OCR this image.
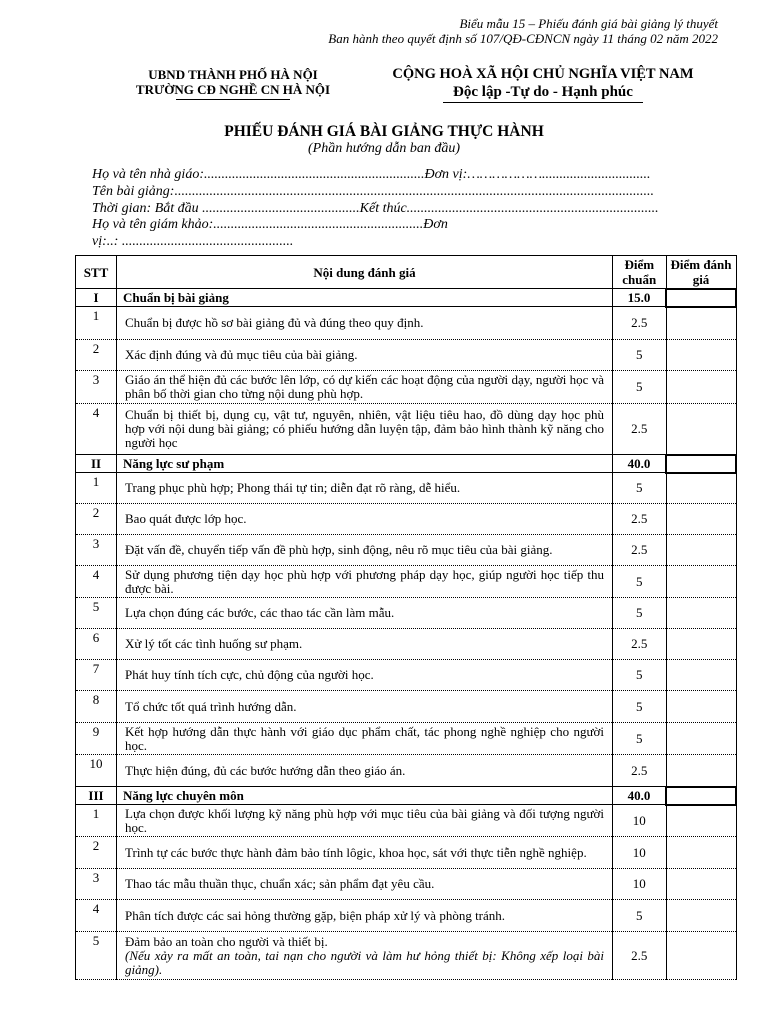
Biểu mẫu 15 – Phiếu đánh giá bài giảng lý thuyết
Ban hành theo quyết định số 107/QĐ-CĐNCN ngày 11 tháng 02 năm 2022
UBND THÀNH PHỐ HÀ NỘI
TRƯỜNG CĐ NGHỀ CN HÀ NỘI
CỘNG HOÀ XÃ HỘI CHỦ NGHĨA VIỆT NAM
Độc lập -Tự do - Hạnh phúc
PHIẾU ĐÁNH GIÁ BÀI GIẢNG THỰC HÀNH
(Phần hướng dẫn ban đầu)
Họ và tên nhà giáo:...............................................................Đơn vị:………………...............................
Tên bài giảng:.........................................................................................................................................
Thời gian: Bắt đầu .............................................Kết thúc........................................................................
Họ và tên giám khảo:............................................................Đơn
vị:..: .................................................
STT	Nội dung đánh giá	Điểm chuẩn	Điểm đánh giá
I	Chuẩn bị bài giảng	15.0	
1	Chuẩn bị được hồ sơ bài giảng đủ và đúng theo quy định.	2.5	
2	Xác định đúng và đủ mục tiêu của bài giảng.	5	
3	Giáo án thể hiện đủ các bước lên lớp, có dự kiến các hoạt động của người dạy, người học và phân bố thời gian cho từng nội dung phù hợp.	5	
4	Chuẩn bị thiết bị, dụng cụ, vật tư, nguyên, nhiên, vật liệu tiêu hao, đồ dùng dạy học phù hợp với nội dung bài giảng; có phiếu hướng dẫn luyện tập, đảm bảo hình thành kỹ năng cho người học	2.5	
II	Năng lực sư phạm	40.0	
1	Trang phục phù hợp; Phong thái tự tin; diễn đạt rõ ràng, dễ hiểu.	5	
2	Bao quát được lớp học.	2.5	
3	Đặt vấn đề, chuyển tiếp vấn đề phù hợp, sinh động, nêu rõ mục tiêu của bài giảng.	2.5	
4	Sử dụng phương tiện dạy học phù hợp với phương pháp dạy học, giúp người học tiếp thu được bài.	5	
5	Lựa chọn đúng các bước, các thao tác cần làm mẫu.	5	
6	Xử lý tốt các tình huống sư phạm.	2.5	
7	Phát huy tính tích cực, chủ động của người học.	5	
8	Tổ chức tốt quá trình hướng dẫn.	5	
9	Kết hợp hướng dẫn thực hành với giáo dục phẩm chất, tác phong nghề nghiệp cho người học.	5	
10	Thực hiện đúng, đủ các bước hướng dẫn theo giáo án.	2.5	
III	Năng lực chuyên môn	40.0	
1	Lựa chọn được khối lượng kỹ năng phù hợp với mục tiêu của bài giảng và đối tượng người học.	10	
2	Trình tự các bước thực hành đảm bảo tính lôgic, khoa học, sát với thực tiễn nghề nghiệp.	10	
3	Thao tác mẫu thuần thục, chuẩn xác; sản phẩm đạt yêu cầu.	10	
4	Phân tích được các sai hỏng thường gặp, biện pháp xử lý và phòng tránh.	5	
5	Đảm bảo an toàn cho người và thiết bị.
(Nếu xảy ra mất an toàn, tai nạn cho người và làm hư hỏng thiết bị: Không xếp loại bài giảng).	2.5	
